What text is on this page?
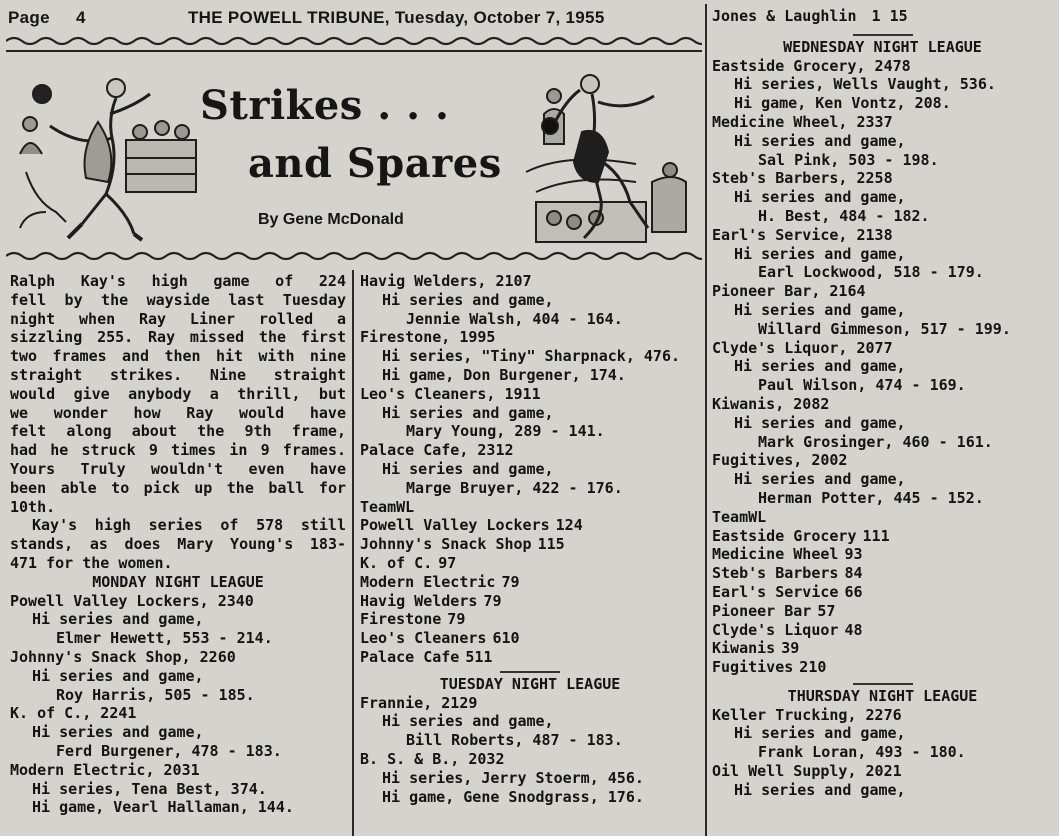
Page 4	THE POWELL TRIBUNE, Tuesday, October 7, 1955
Strikes . . .
and Spares
By Gene McDonald
Ralph Kay's high game of 224
fell by the wayside last Tuesday
night when Ray Liner rolled a
sizzling 255. Ray missed the first
two frames and then hit with nine
straight strikes. Nine straight
would give anybody a thrill, but
we wonder how Ray would have
felt along about the 9th frame,
had he struck 9 times in 9 frames.
Yours Truly wouldn't even have
been able to pick up the ball for
10th.
Kay's high series of 578 still
stands, as does Mary Young's 183-
471 for the women.
MONDAY NIGHT LEAGUE
Powell Valley Lockers, 2340
Hi series and game,
Elmer Hewett, 553 - 214.
Johnny's Snack Shop, 2260
Hi series and game,
Roy Harris, 505 - 185.
K. of C., 2241
Hi series and game,
Ferd Burgener, 478 - 183.
Modern Electric, 2031
Hi series, Tena Best, 374.
Hi game, Vearl Hallaman, 144.
Havig Welders, 2107
Hi series and game,
Jennie Walsh, 404 - 164.
Firestone, 1995
Hi series, "Tiny" Sharpnack, 476.
Hi game, Don Burgener, 174.
Leo's Cleaners, 1911
Hi series and game,
Mary Young, 289 - 141.
Palace Cafe, 2312
Hi series and game,
Marge Bruyer, 422 - 176.
TeamWL
Powell Valley Lockers 124
Johnny's Snack Shop 115
K. of C. 97
Modern Electric 79
Havig Welders 79
Firestone 79
Leo's Cleaners 610
Palace Cafe 511
TUESDAY NIGHT LEAGUE
Frannie, 2129
Hi series and game,
Bill Roberts, 487 - 183.
B. S. & B., 2032
Hi series, Jerry Stoerm, 456.
Hi game, Gene Snodgrass, 176.
Jones & Laughlin 1 15
WEDNESDAY NIGHT LEAGUE
Eastside Grocery, 2478
Hi series, Wells Vaught, 536.
Hi game, Ken Vontz, 208.
Medicine Wheel, 2337
Hi series and game,
Sal Pink, 503 - 198.
Steb's Barbers, 2258
Hi series and game,
H. Best, 484 - 182.
Earl's Service, 2138
Hi series and game,
Earl Lockwood, 518 - 179.
Pioneer Bar, 2164
Hi series and game,
Willard Gimmeson, 517 - 199.
Clyde's Liquor, 2077
Hi series and game,
Paul Wilson, 474 - 169.
Kiwanis, 2082
Hi series and game,
Mark Grosinger, 460 - 161.
Fugitives, 2002
Hi series and game,
Herman Potter, 445 - 152.
TeamWL
Eastside Grocery 111
Medicine Wheel 93
Steb's Barbers 84
Earl's Service 66
Pioneer Bar 57
Clyde's Liquor 48
Kiwanis 39
Fugitives 210
THURSDAY NIGHT LEAGUE
Keller Trucking, 2276
Hi series and game,
Frank Loran, 493 - 180.
Oil Well Supply, 2021
Hi series and game,
